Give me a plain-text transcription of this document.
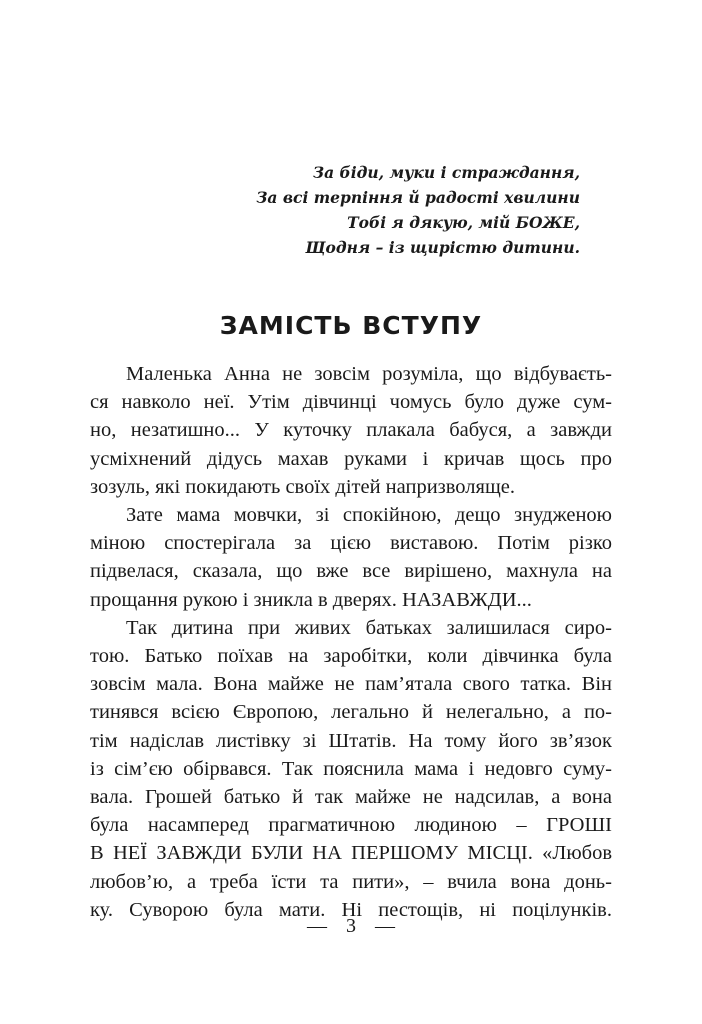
За біди, муки і страждання,
За всі терпіння й радості хвилини
Тобі я дякую, мій БОЖЕ,
Щодня – із щирістю дитини.
ЗАМІСТЬ ВСТУПУ
Маленька Анна не зовсім розуміла, що відбуваєть-
ся навколо неї. Утім дівчинці чомусь було дуже сум-
но, незатишно... У куточку плакала бабуся, а завжди
усміхнений дідусь махав руками і кричав щось про
зозуль, які покидають своїх дітей напризволяще.
Зате мама мовчки, зі спокійною, дещо знудженою
міною спостерігала за цією виставою. Потім різко
підвелася, сказала, що вже все вирішено, махнула на
прощання рукою і зникла в дверях. НАЗАВЖДИ...
Так дитина при живих батьках залишилася сиро-
тою. Батько поїхав на заробітки, коли дівчинка була
зовсім мала. Вона майже не пам’ятала свого татка. Він
тинявся всією Європою, легально й нелегально, а по-
тім надіслав листівку зі Штатів. На тому його зв’язок
із сім’єю обірвався. Так пояснила мама і недовго суму-
вала. Грошей батько й так майже не надсилав, а вона
була насамперед прагматичною людиною – ГРОШІ
В НЕЇ ЗАВЖДИ БУЛИ НА ПЕРШОМУ МІСЦІ. «Любов
любов’ю, а треба їсти та пити», – вчила вона донь-
ку. Суворою була мати. Ні пестощів, ні поцілунків.
— 3 —
